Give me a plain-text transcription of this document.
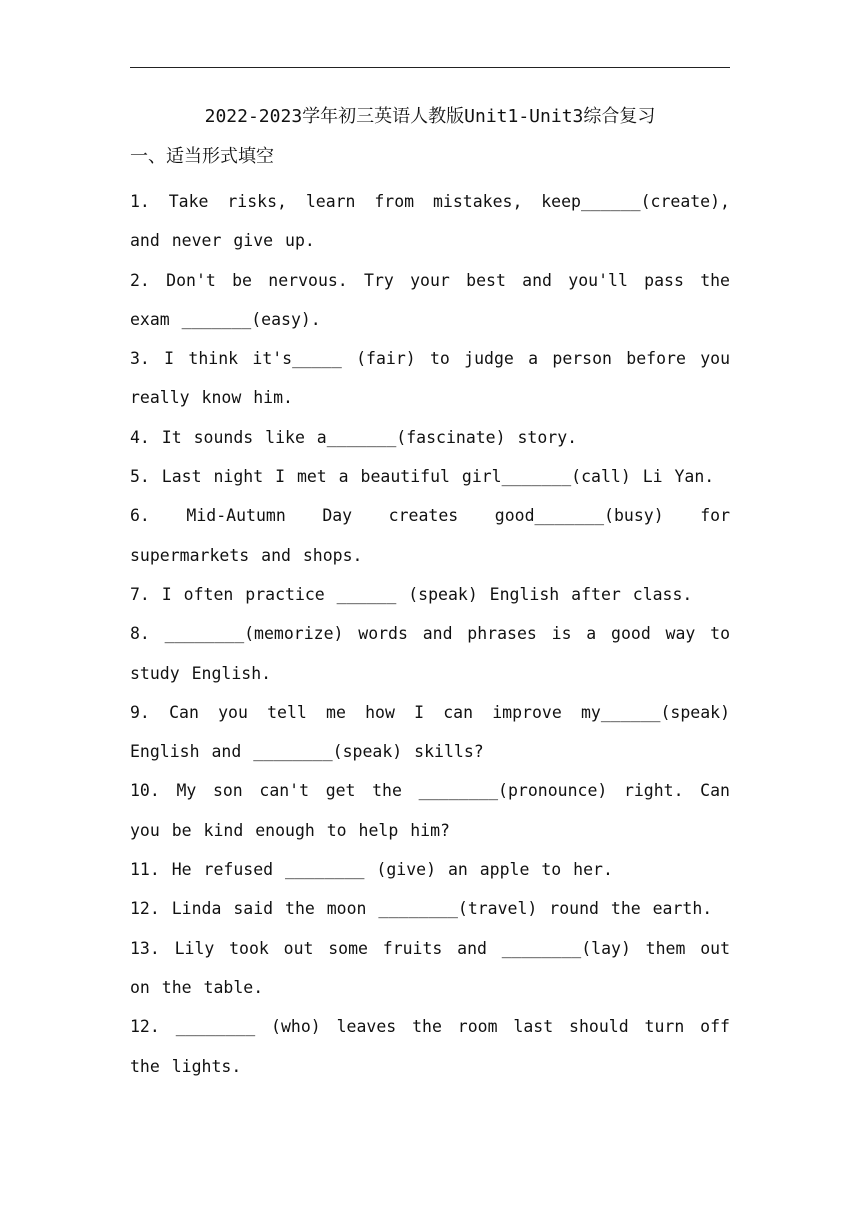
2022-2023学年初三英语人教版Unit1-Unit3综合复习
一、适当形式填空
1. Take risks, learn from mistakes, keep______(create), and never give up.
2. Don't be nervous. Try your best and you'll pass the exam _______(easy).
3. I think it's_____ (fair) to judge a person before you really know him.
4. It sounds like a_______(fascinate) story.
5. Last night I met a beautiful girl_______(call) Li Yan.
6. Mid-Autumn Day creates good_______(busy) for supermarkets and shops.
7. I often practice ______ (speak) English after class.
8. ________(memorize) words and phrases is a good way to study English.
9. Can you tell me how I can improve my______(speak) English and ________(speak) skills?
10. My son can't get the ________(pronounce) right. Can you be kind enough to help him?
11. He refused ________ (give) an apple to her.
12. Linda said the moon ________(travel) round the earth.
13. Lily took out some fruits and ________(lay) them out on the table.
12. ________ (who) leaves the room last should turn off the lights.
